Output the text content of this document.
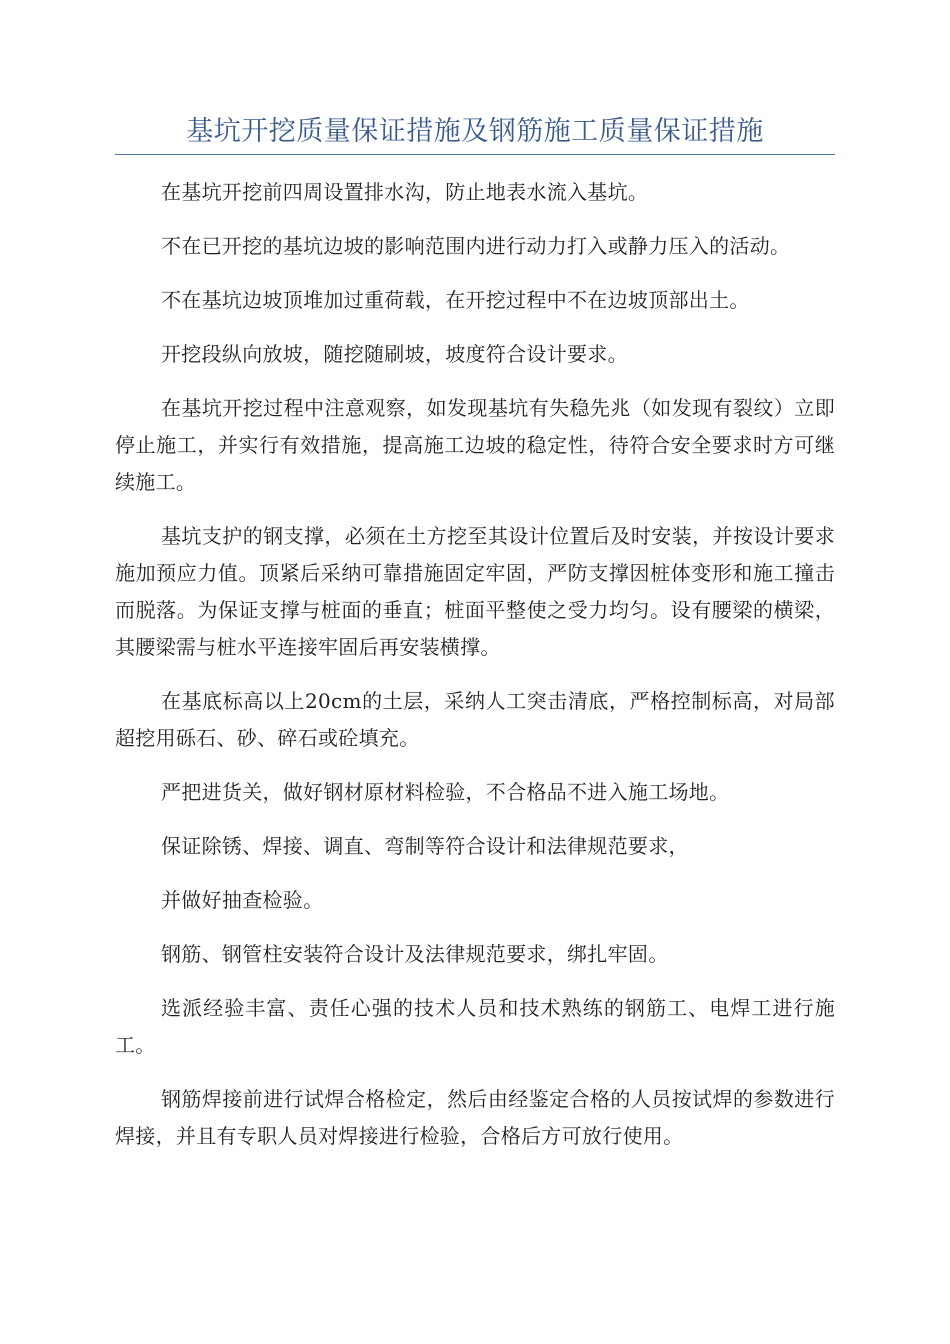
基坑开挖质量保证措施及钢筋施工质量保证措施

在基坑开挖前四周设置排水沟，防止地表水流入基坑。

不在已开挖的基坑边坡的影响范围内进行动力打入或静力压入的活动。

不在基坑边坡顶堆加过重荷载，在开挖过程中不在边坡顶部出土。

开挖段纵向放坡，随挖随刷坡，坡度符合设计要求。

在基坑开挖过程中注意观察，如发现基坑有失稳先兆（如发现有裂纹）立即停止施工，并实行有效措施，提高施工边坡的稳定性，待符合安全要求时方可继续施工。

基坑支护的钢支撑，必须在土方挖至其设计位置后及时安装，并按设计要求施加预应力值。顶紧后采纳可靠措施固定牢固，严防支撑因桩体变形和施工撞击而脱落。为保证支撑与桩面的垂直；桩面平整使之受力均匀。设有腰梁的横梁，其腰梁需与桩水平连接牢固后再安装横撑。

在基底标高以上20cm的土层，采纳人工突击清底，严格控制标高，对局部超挖用砾石、砂、碎石或砼填充。

严把进货关，做好钢材原材料检验，不合格品不进入施工场地。

保证除锈、焊接、调直、弯制等符合设计和法律规范要求，

并做好抽查检验。

钢筋、钢管柱安装符合设计及法律规范要求，绑扎牢固。

选派经验丰富、责任心强的技术人员和技术熟练的钢筋工、电焊工进行施工。

钢筋焊接前进行试焊合格检定，然后由经鉴定合格的人员按试焊的参数进行焊接，并且有专职人员对焊接进行检验，合格后方可放行使用。
